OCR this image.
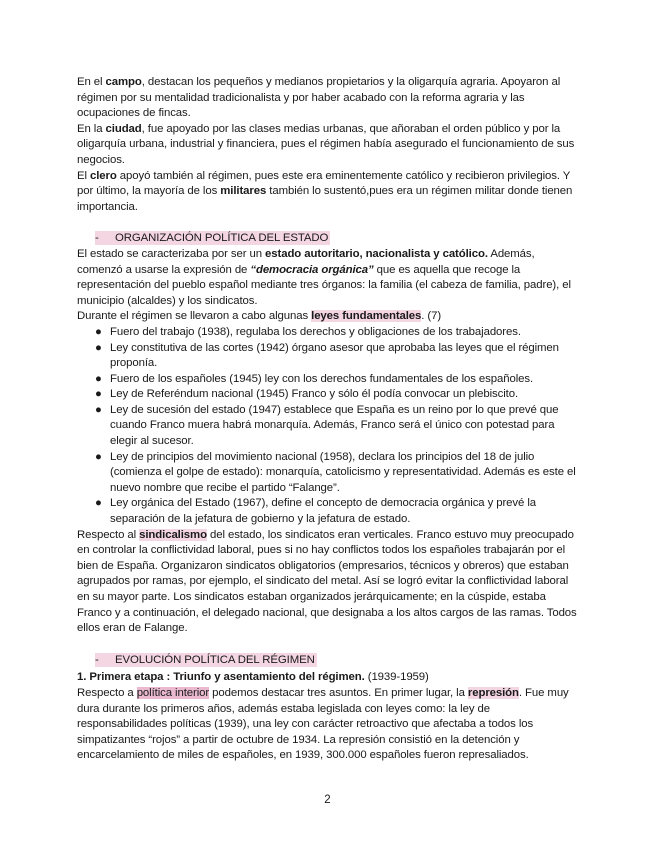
En el campo, destacan los pequeños y medianos propietarios y la oligarquía agraria. Apoyaron al régimen por su mentalidad tradicionalista y por haber acabado con la reforma agraria y las ocupaciones de fincas.

En la ciudad, fue apoyado por las clases medias urbanas, que añoraban el orden público y por la oligarquía urbana, industrial y financiera, pues el régimen había asegurado el funcionamiento de sus negocios.

El clero apoyó también al régimen, pues este era eminentemente católico y recibieron privilegios. Y por último, la mayoría de los militares también lo sustentó,pues era un régimen militar donde tienen importancia.

- ORGANIZACIÓN POLÍTICA DEL ESTADO

El estado se caracterizaba por ser un estado autoritario, nacionalista y católico. Además, comenzó a usarse la expresión de “democracia orgánica” que es aquella que recoge la representación del pueblo español mediante tres órganos: la familia (el cabeza de familia, padre), el municipio (alcaldes) y los sindicatos.

Durante el régimen se llevaron a cabo algunas leyes fundamentales. (7)

● Fuero del trabajo (1938), regulaba los derechos y obligaciones de los trabajadores.
● Ley constitutiva de las cortes (1942) órgano asesor que aprobaba las leyes que el régimen proponía.
● Fuero de los españoles (1945) ley con los derechos fundamentales de los españoles.
● Ley de Referéndum nacional (1945) Franco y sólo él podía convocar un plebiscito.
● Ley de sucesión del estado (1947) establece que España es un reino por lo que prevé que cuando Franco muera habrá monarquía. Además, Franco será el único con potestad para elegir al sucesor.
● Ley de principios del movimiento nacional (1958), declara los principios del 18 de julio (comienza el golpe de estado): monarquía, catolicismo y representatividad. Además es este el nuevo nombre que recibe el partido “Falange”.
● Ley orgánica del Estado (1967), define el concepto de democracia orgánica y prevé la separación de la jefatura de gobierno y la jefatura de estado.

Respecto al sindicalismo del estado, los sindicatos eran verticales. Franco estuvo muy preocupado en controlar la conflictividad laboral, pues si no hay conflictos todos los españoles trabajarán por el bien de España. Organizaron sindicatos obligatorios (empresarios, técnicos y obreros) que estaban agrupados por ramas, por ejemplo, el sindicato del metal. Así se logró evitar la conflictividad laboral en su mayor parte. Los sindicatos estaban organizados jerárquicamente; en la cúspide, estaba Franco y a continuación, el delegado nacional, que designaba a los altos cargos de las ramas. Todos ellos eran de Falange.

- EVOLUCIÓN POLÍTICA DEL RÉGIMEN

1. Primera etapa : Triunfo y asentamiento del régimen. (1939-1959)

Respecto a política interior podemos destacar tres asuntos. En primer lugar, la represión. Fue muy dura durante los primeros años, además estaba legislada con leyes como: la ley de responsabilidades políticas (1939), una ley con carácter retroactivo que afectaba a todos los simpatizantes “rojos” a partir de octubre de 1934. La represión consistió en la detención y encarcelamiento de miles de españoles, en 1939, 300.000 españoles fueron represaliados.

2
